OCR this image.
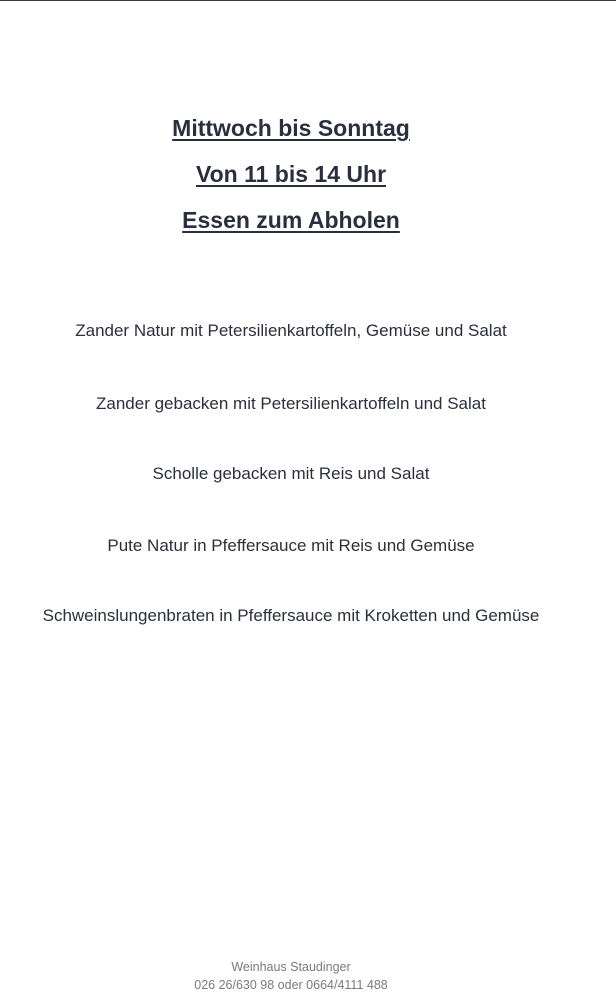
Mittwoch bis Sonntag
Von 11 bis 14 Uhr
Essen zum Abholen
Zander Natur mit Petersilienkartoffeln, Gemüse und Salat
Zander gebacken mit Petersilienkartoffeln und Salat
Scholle gebacken mit Reis und Salat
Pute Natur in Pfeffersauce mit Reis und Gemüse
Schweinslungenbraten in Pfeffersauce mit Kroketten und Gemüse
Weinhaus Staudinger
026 26/630 98 oder 0664/4111 488
